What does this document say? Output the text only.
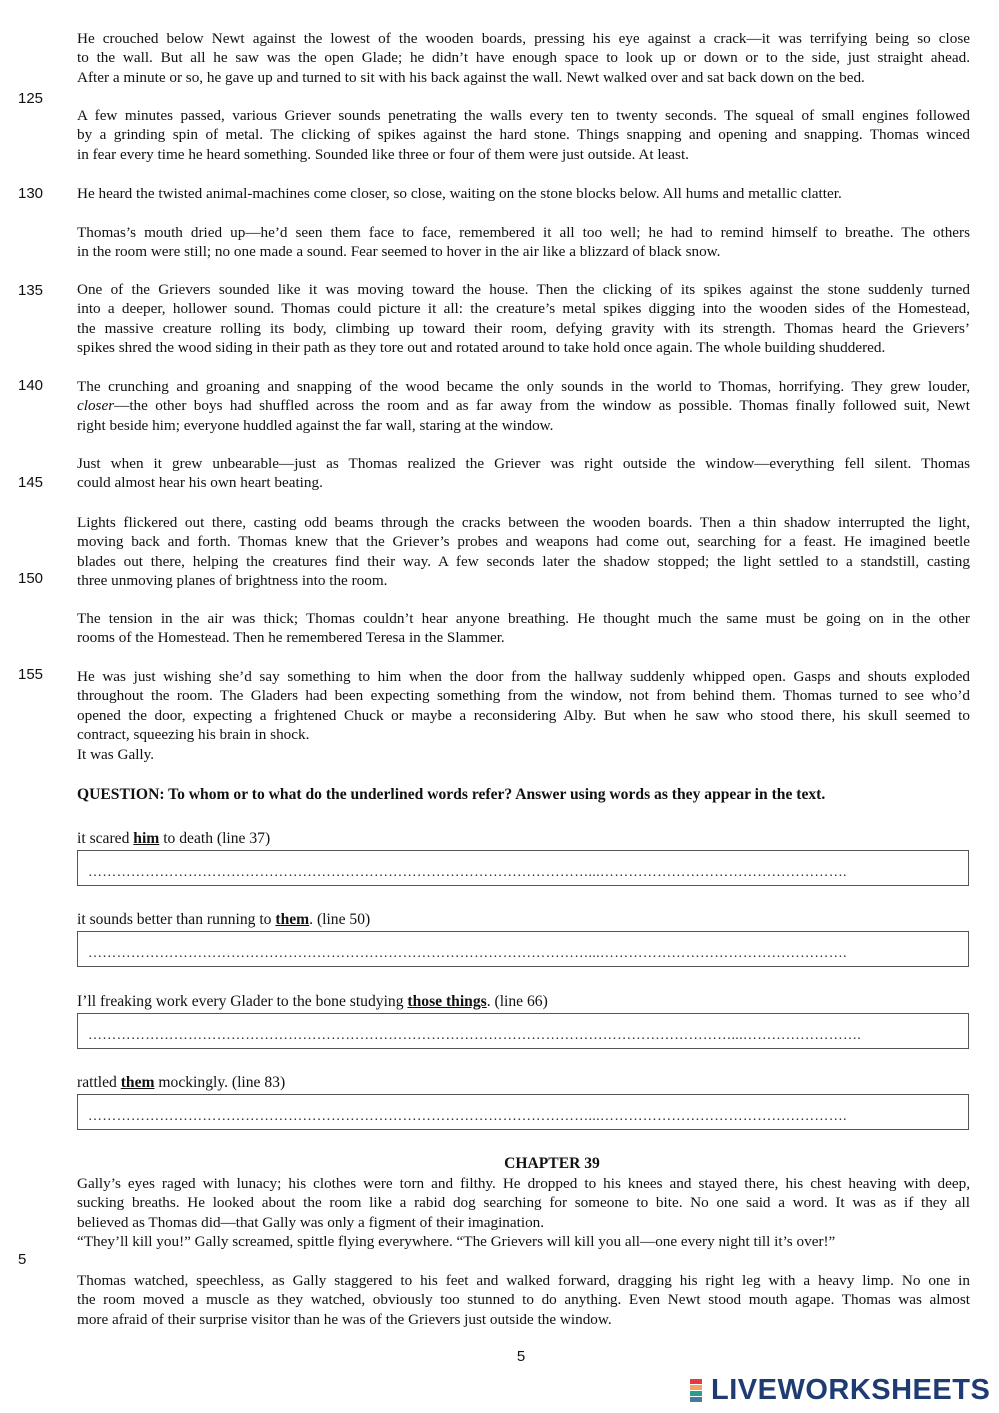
125
130
135
140
145
150
155
5
He crouched below Newt against the lowest of the wooden boards, pressing his eye against a crack—it was terrifying being so close
to the wall. But all he saw was the open Glade; he didn’t have enough space to look up or down or to the side, just straight ahead.
After a minute or so, he gave up and turned to sit with his back against the wall. Newt walked over and sat back down on the bed.
A few minutes passed, various Griever sounds penetrating the walls every ten to twenty seconds. The squeal of small engines followed
by a grinding spin of metal. The clicking of spikes against the hard stone. Things snapping and opening and snapping. Thomas winced
in fear every time he heard something. Sounded like three or four of them were just outside. At least.
He heard the twisted animal-machines come closer, so close, waiting on the stone blocks below. All hums and metallic clatter.
Thomas’s mouth dried up—he’d seen them face to face, remembered it all too well; he had to remind himself to breathe. The others
in the room were still; no one made a sound. Fear seemed to hover in the air like a blizzard of black snow.
One of the Grievers sounded like it was moving toward the house. Then the clicking of its spikes against the stone suddenly turned
into a deeper, hollower sound. Thomas could picture it all: the creature’s metal spikes digging into the wooden sides of the Homestead,
the massive creature rolling its body, climbing up toward their room, defying gravity with its strength. Thomas heard the Grievers’
spikes shred the wood siding in their path as they tore out and rotated around to take hold once again. The whole building shuddered.
The crunching and groaning and snapping of the wood became the only sounds in the world to Thomas, horrifying. They grew louder,
closer—the other boys had shuffled across the room and as far away from the window as possible. Thomas finally followed suit, Newt
right beside him; everyone huddled against the far wall, staring at the window.
Just when it grew unbearable—just as Thomas realized the Griever was right outside the window—everything fell silent. Thomas
could almost hear his own heart beating.
Lights flickered out there, casting odd beams through the cracks between the wooden boards. Then a thin shadow interrupted the light,
moving back and forth. Thomas knew that the Griever’s probes and weapons had come out, searching for a feast. He imagined beetle
blades out there, helping the creatures find their way. A few seconds later the shadow stopped; the light settled to a standstill, casting
three unmoving planes of brightness into the room.
The tension in the air was thick; Thomas couldn’t hear anyone breathing. He thought much the same must be going on in the other
rooms of the Homestead. Then he remembered Teresa in the Slammer.
He was just wishing she’d say something to him when the door from the hallway suddenly whipped open. Gasps and shouts exploded
throughout the room. The Gladers had been expecting something from the window, not from behind them. Thomas turned to see who’d
opened the door, expecting a frightened Chuck or maybe a reconsidering Alby. But when he saw who stood there, his skull seemed to
contract, squeezing his brain in shock.
It was Gally.
QUESTION: To whom or to what do the underlined words refer? Answer using words as they appear in the text.
it scared him to death (line 37)
……………………………………………………………………………………………...…………………………………………….
it sounds better than running to them. (line 50)
……………………………………………………………………………………………...…………………………………………….
I’ll freaking work every Glader to the bone studying those things. (line 66)
………………………………………………………………………………………………………………………...…………………….
rattled them mockingly. (line 83)
……………………………………………………………………………………………...…………………………………………….
CHAPTER 39
Gally’s eyes raged with lunacy; his clothes were torn and filthy. He dropped to his knees and stayed there, his chest heaving with deep,
sucking breaths. He looked about the room like a rabid dog searching for someone to bite. No one said a word. It was as if they all
believed as Thomas did—that Gally was only a figment of their imagination.
“They’ll kill you!” Gally screamed, spittle flying everywhere. “The Grievers will kill you all—one every night till it’s over!”
Thomas watched, speechless, as Gally staggered to his feet and walked forward, dragging his right leg with a heavy limp. No one in
the room moved a muscle as they watched, obviously too stunned to do anything. Even Newt stood mouth agape. Thomas was almost
more afraid of their surprise visitor than he was of the Grievers just outside the window.
5
LIVEWORKSHEETS
